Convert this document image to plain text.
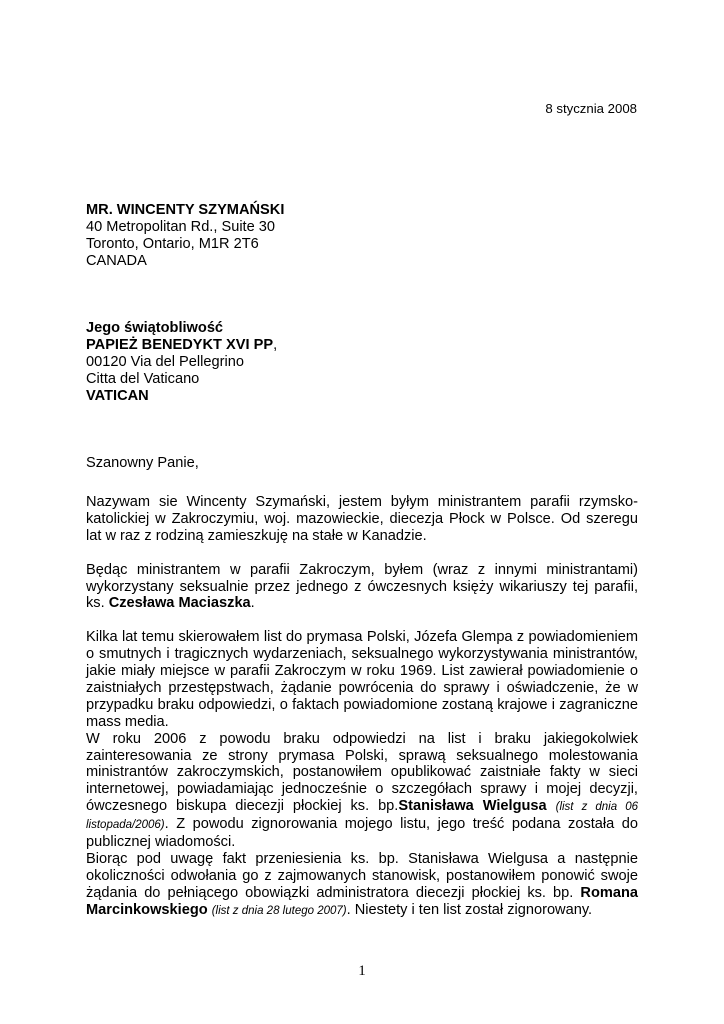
8 stycznia 2008
MR. WINCENTY SZYMAŃSKI
40 Metropolitan Rd., Suite 30
Toronto, Ontario, M1R 2T6
CANADA
Jego świątobliwość
PAPIEŻ BENEDYKT XVI PP,
00120 Via del Pellegrino
Citta del Vaticano
VATICAN
Szanowny Panie,

Nazywam sie Wincenty Szymański, jestem byłym ministrantem parafii rzymsko-katolickiej w Zakroczymiu, woj. mazowieckie, diecezja Płock w Polsce. Od szeregu lat w raz z rodziną zamieszkuję na stałe w Kanadzie.

Będąc ministrantem w parafii Zakroczym, byłem (wraz z innymi ministrantami) wykorzystany seksualnie przez jednego z ówczesnych księży wikariuszy tej parafii, ks. Czesława Maciaszka.

Kilka lat temu skierowałem list do prymasa Polski, Józefa Glempa z powiadomieniem o smutnych i tragicznych wydarzeniach, seksualnego wykorzystywania ministrantów, jakie miały miejsce w parafii Zakroczym w roku 1969. List zawierał powiadomienie o zaistniałych przestępstwach, żądanie powrócenia do sprawy i oświadczenie, że w przypadku braku odpowiedzi, o faktach powiadomione zostaną krajowe i zagraniczne mass media.

W roku 2006 z powodu braku odpowiedzi na list i braku jakiegokolwiek zainteresowania ze strony prymasa Polski, sprawą seksualnego molestowania ministrantów zakroczymskich, postanowiłem opublikować zaistniałe fakty w sieci internetowej, powiadamiając jednocześnie o szczegółach sprawy i mojej decyzji, ówczesnego biskupa diecezji płockiej ks. bp.Stanisława Wielgusa (list z dnia 06 listopada/2006). Z powodu zignorowania mojego listu, jego treść podana została do publicznej wiadomości.

Biorąc pod uwagę fakt przeniesienia ks. bp. Stanisława Wielgusa a następnie okoliczności odwołania go z zajmowanych stanowisk, postanowiłem ponowić swoje żądania do pełniącego obowiązki administratora diecezji płockiej ks. bp. Romana Marcinkowskiego (list z dnia 28 lutego 2007). Niestety i ten list został zignorowany.

1
